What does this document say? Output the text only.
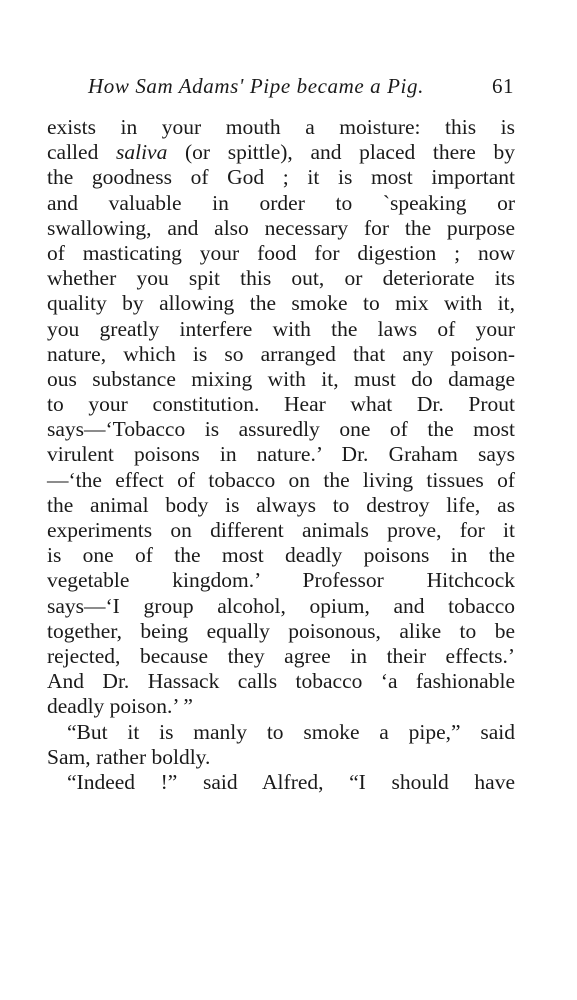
How Sam Adams' Pipe became a Pig.	61
exists in your mouth a moisture: this is
called saliva (or spittle), and placed there by
the goodness of God ; it is most important
and valuable in order to `speaking or
swallowing, and also necessary for the purpose
of masticating your food for digestion ; now
whether you spit this out, or deteriorate its
quality by allowing the smoke to mix with it,
you greatly interfere with the laws of your
nature, which is so arranged that any poison-
ous substance mixing with it, must do damage
to your constitution. Hear what Dr. Prout
says—‘Tobacco is assuredly one of the most
virulent poisons in nature.’ Dr. Graham says
—‘the effect of tobacco on the living tissues of
the animal body is always to destroy life, as
experiments on different animals prove, for it
is one of the most deadly poisons in the
vegetable kingdom.’ Professor Hitchcock
says—‘I group alcohol, opium, and tobacco
together, being equally poisonous, alike to be
rejected, because they agree in their effects.’
And Dr. Hassack calls tobacco ‘a fashionable
deadly poison.’ ”
“But it is manly to smoke a pipe,” said
Sam, rather boldly.
“Indeed !” said Alfred, “I should have
